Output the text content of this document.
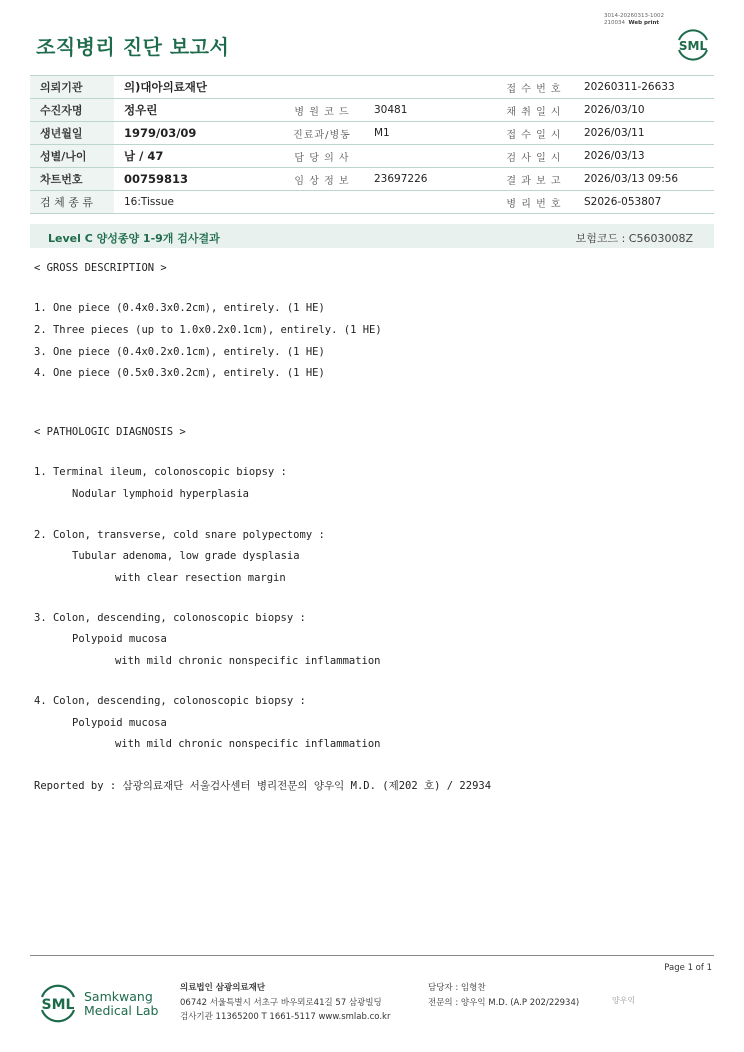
3014-20260313-1002
210034 Web print
조직병리 진단 보고서	SML
의뢰기관	의)대아의료재단			접 수 번 호	20260311-26633
수진자명	정우린	병 원 코 드	30481	채 취 일 시	2026/03/10
생년월일	1979/03/09	진료과/병동	M1	접 수 일 시	2026/03/11
성별/나이	남 / 47	담 당 의 사		검 사 일 시	2026/03/13
차트번호	00759813	임 상 정 보	23697226	결 과 보 고	2026/03/13 09:56
검 체 종 류	16:Tissue			병 리 번 호	S2026-053807
Level C 양성종양 1-9개 검사결과	보험코드 : C5603008Z
< GROSS DESCRIPTION >
1. One piece (0.4x0.3x0.2cm), entirely. (1 HE)
2. Three pieces (up to 1.0x0.2x0.1cm), entirely. (1 HE)
3. One piece (0.4x0.2x0.1cm), entirely. (1 HE)
4. One piece (0.5x0.3x0.2cm), entirely. (1 HE)
< PATHOLOGIC DIAGNOSIS >
1. Terminal ileum, colonoscopic biopsy :
Nodular lymphoid hyperplasia
2. Colon, transverse, cold snare polypectomy :
Tubular adenoma, low grade dysplasia
with clear resection margin
3. Colon, descending, colonoscopic biopsy :
Polypoid mucosa
with mild chronic nonspecific inflammation
4. Colon, descending, colonoscopic biopsy :
Polypoid mucosa
with mild chronic nonspecific inflammation
Reported by : 삼광의료재단 서울검사센터 병리전문의 양우익 M.D. (제202 호) / 22934
Page 1 of 1
SML
Samkwang
Medical Lab
의료법인 삼광의료재단
06742 서울특별시 서초구 바우뫼로41길 57 삼광빌딩
검사기관 11365200 T 1661-5117 www.smlab.co.kr
담당자 : 임형찬
전문의 : 양우익 M.D. (A.P 202/22934)	양우익
